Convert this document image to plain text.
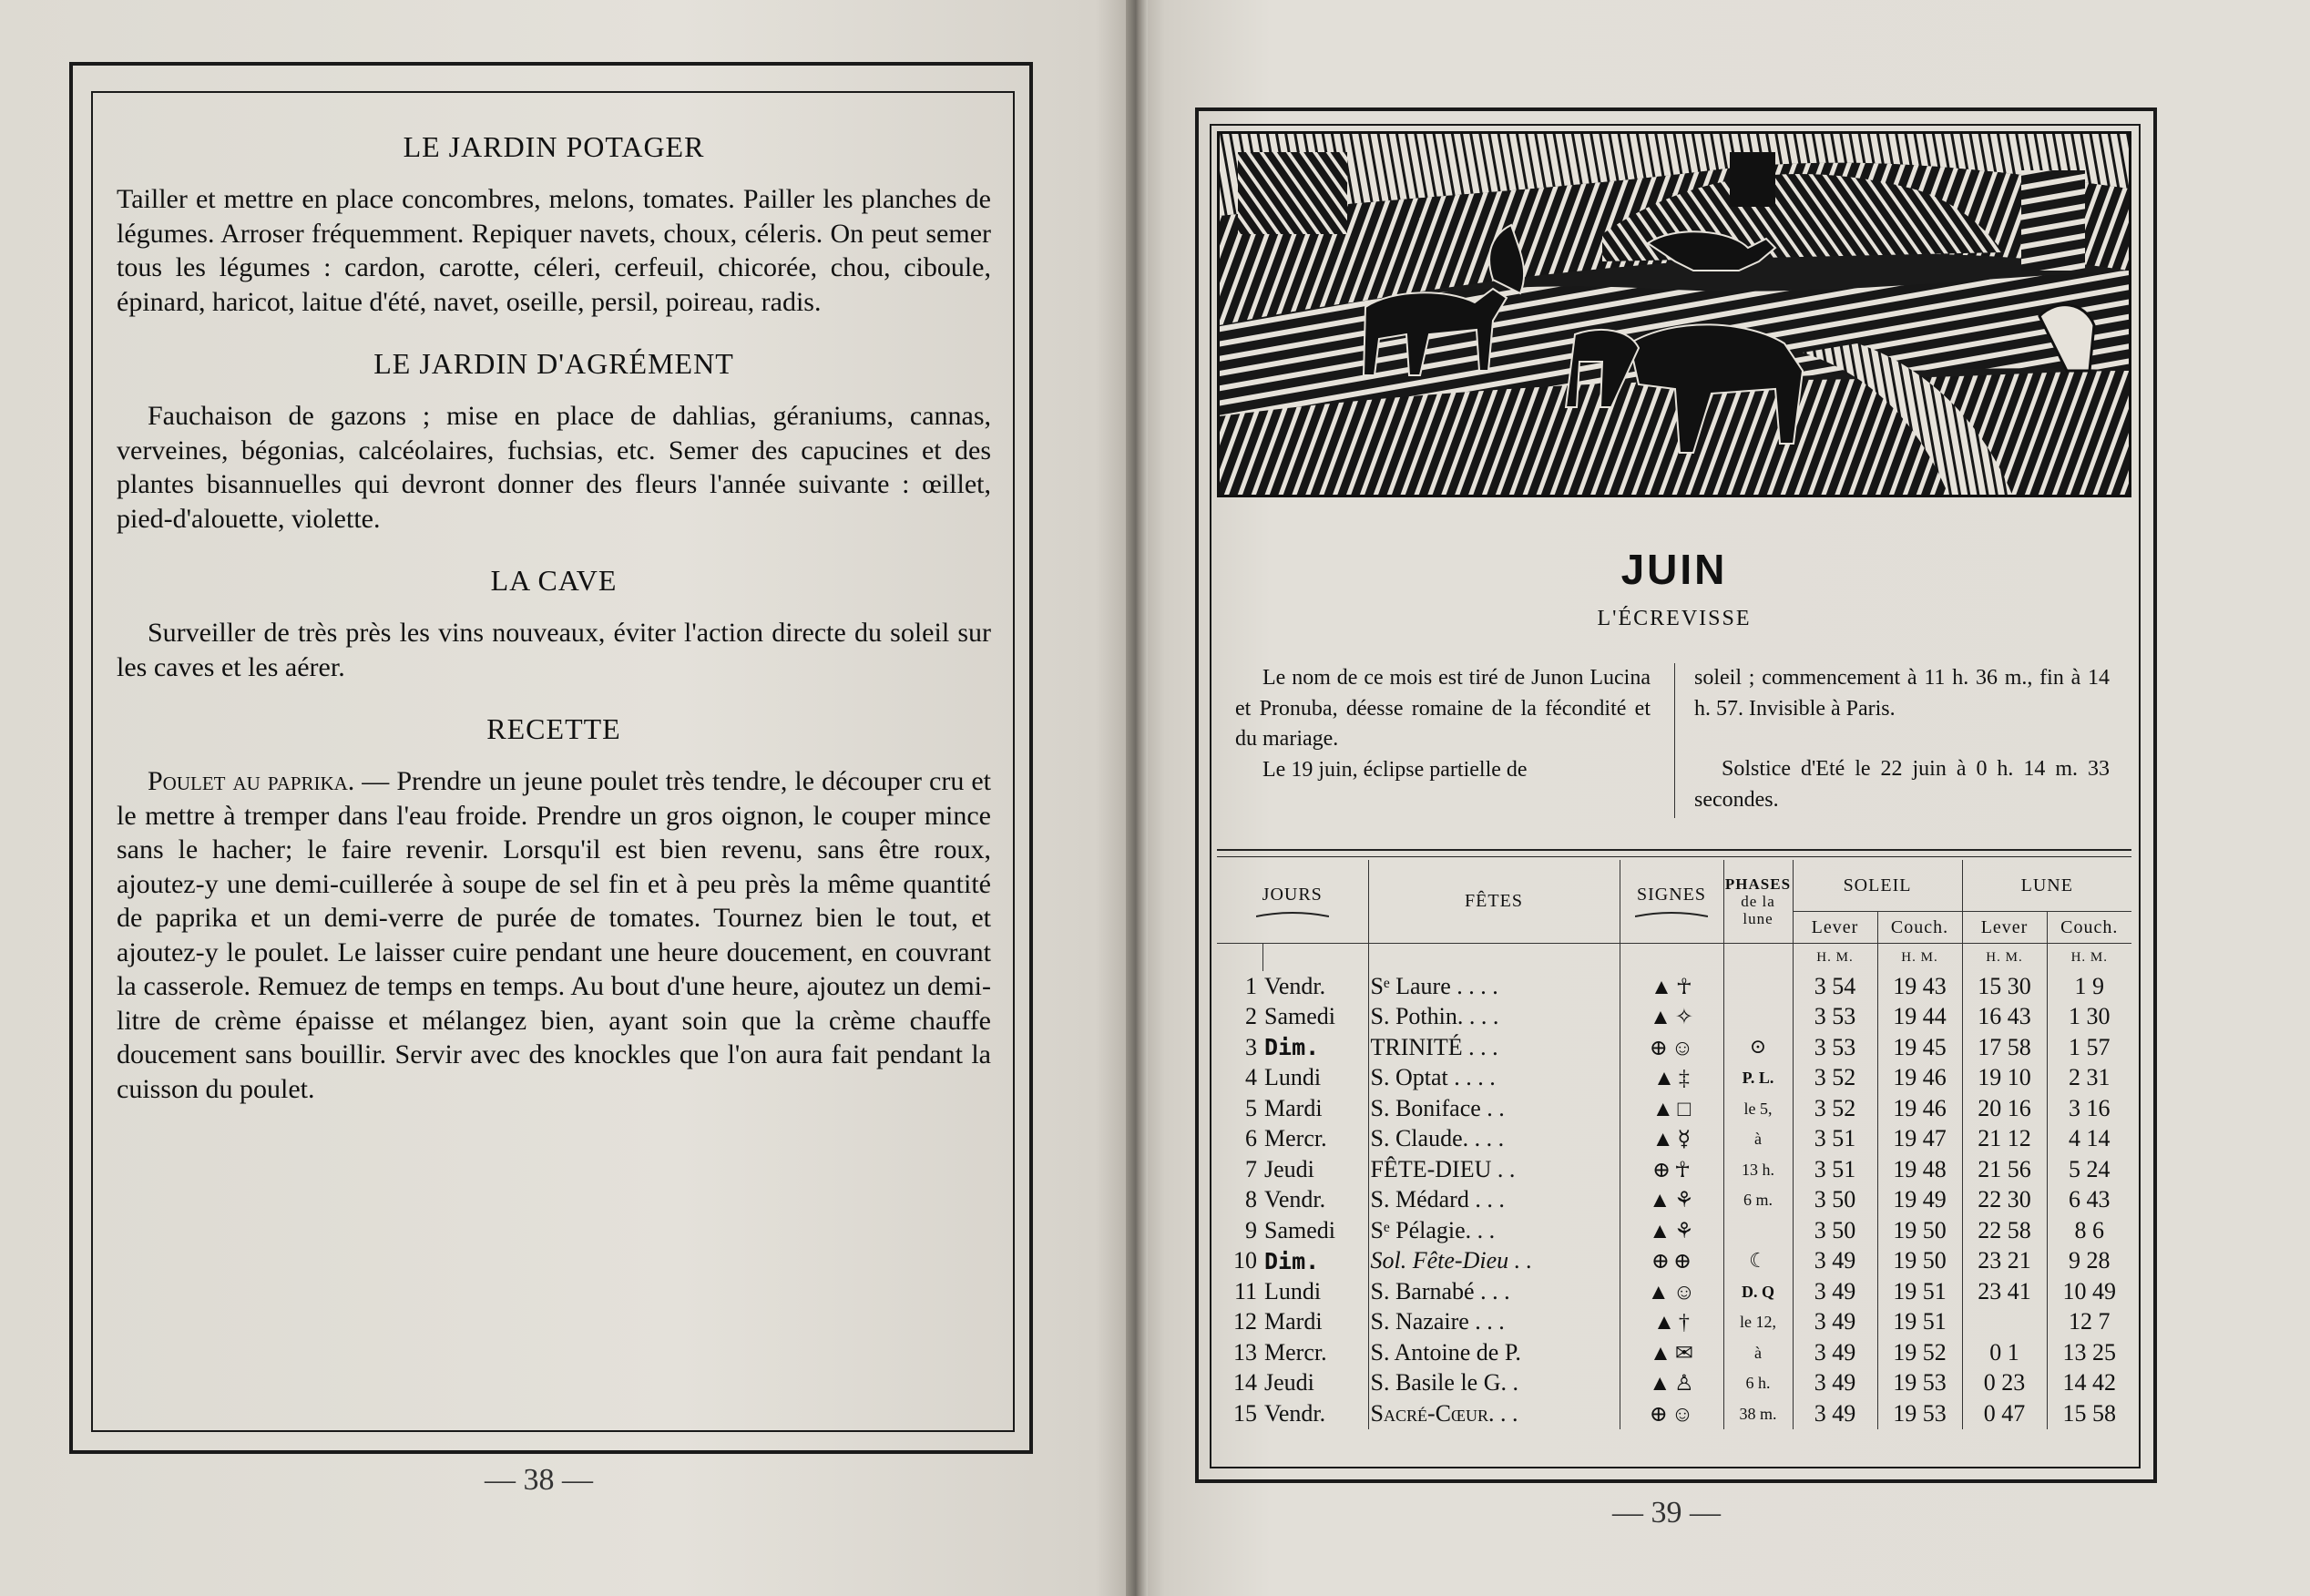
LE JARDIN POTAGER

Tailler et mettre en place concombres, melons, tomates. Pailler les planches de légumes. Arroser fréquemment. Repiquer navets, choux, céleris. On peut semer tous les légumes : cardon, carotte, céleri, cerfeuil, chicorée, chou, ciboule, épinard, haricot, laitue d'été, navet, oseille, persil, poireau, radis.

LE JARDIN D'AGRÉMENT

Fauchaison de gazons ; mise en place de dahlias, géraniums, cannas, verveines, bégonias, calcéolaires, fuchsias, etc. Semer des capucines et des plantes bisannuelles qui devront donner des fleurs l'année suivante : œillet, pied-d'alouette, violette.

LA CAVE

Surveiller de très près les vins nouveaux, éviter l'action directe du soleil sur les caves et les aérer.

RECETTE

Poulet au paprika. — Prendre un jeune poulet très tendre, le découper cru et le mettre à tremper dans l'eau froide. Prendre un gros oignon, le couper mince sans le hacher; le faire revenir. Lorsqu'il est bien revenu, sans être roux, ajoutez-y une demi-cuillerée à soupe de sel fin et à peu près la même quantité de paprika et un demi-verre de purée de tomates. Tournez bien le tout, et ajoutez-y le poulet. Le laisser cuire pendant une heure doucement, en couvrant la casserole. Remuez de temps en temps. Au bout d'une heure, ajoutez un demi-litre de crème épaisse et mélangez bien, ayant soin que la crème chauffe doucement sans bouillir. Servir avec des knockles que l'on aura fait pendant la cuisson du poulet.

— 38 —
JUIN
L'ÉCREVISSE

Le nom de ce mois est tiré de Junon Lucina et Pronuba, déesse romaine de la fécondité et du mariage.

Le 19 juin, éclipse partielle de

soleil ; commencement à 11 h. 36 m., fin à 14 h. 57. Invisible à Paris.

Solstice d'Eté le 22 juin à 0 h. 14 m. 33 secondes.

JOURS		FÊTES	SIGNES	PHASES
de la
lune	SOLEIL		LUNE	
					Lever	Couch.	Lever	Couch.
					H. M.	H. M.	H. M.	H. M.
1	Vendr.	Sᵉ Laure . . . .	▲ ☥		3 54	19 43	15 30	1 9
2	Samedi	S. Pothin. . . .	▲ ✧		3 53	19 44	16 43	1 30
3	Dim.	TRINITÉ . . .	⊕ ☺	⊙	3 53	19 45	17 58	1 57
4	Lundi	S. Optat . . . .	▲ ‡	P. L.	3 52	19 46	19 10	2 31
5	Mardi	S. Boniface . .	▲ □	le 5,	3 52	19 46	20 16	3 16
6	Mercr.	S. Claude. . . .	▲ ☿	à	3 51	19 47	21 12	4 14
7	Jeudi	FÊTE-DIEU . .	⊕ ☥	13 h.	3 51	19 48	21 56	5 24
8	Vendr.	S. Médard . . .	▲ ⚘	6 m.	3 50	19 49	22 30	6 43
9	Samedi	Sᵉ Pélagie. . .	▲ ⚘		3 50	19 50	22 58	8 6
10	Dim.	Sol. Fête-Dieu . .	⊕ ⊕	☾	3 49	19 50	23 21	9 28
11	Lundi	S. Barnabé . . .	▲ ☺	D. Q	3 49	19 51	23 41	10 49
12	Mardi	S. Nazaire . . .	▲ †	le 12,	3 49	19 51		12 7
13	Mercr.	S. Antoine de P.	▲ ✉	à	3 49	19 52	0 1	13 25
14	Jeudi	S. Basile le G. .	▲ ♙	6 h.	3 49	19 53	0 23	14 42
15	Vendr.	Sacré-Cœur. . .	⊕ ☺	38 m.	3 49	19 53	0 47	15 58
— 39 —
